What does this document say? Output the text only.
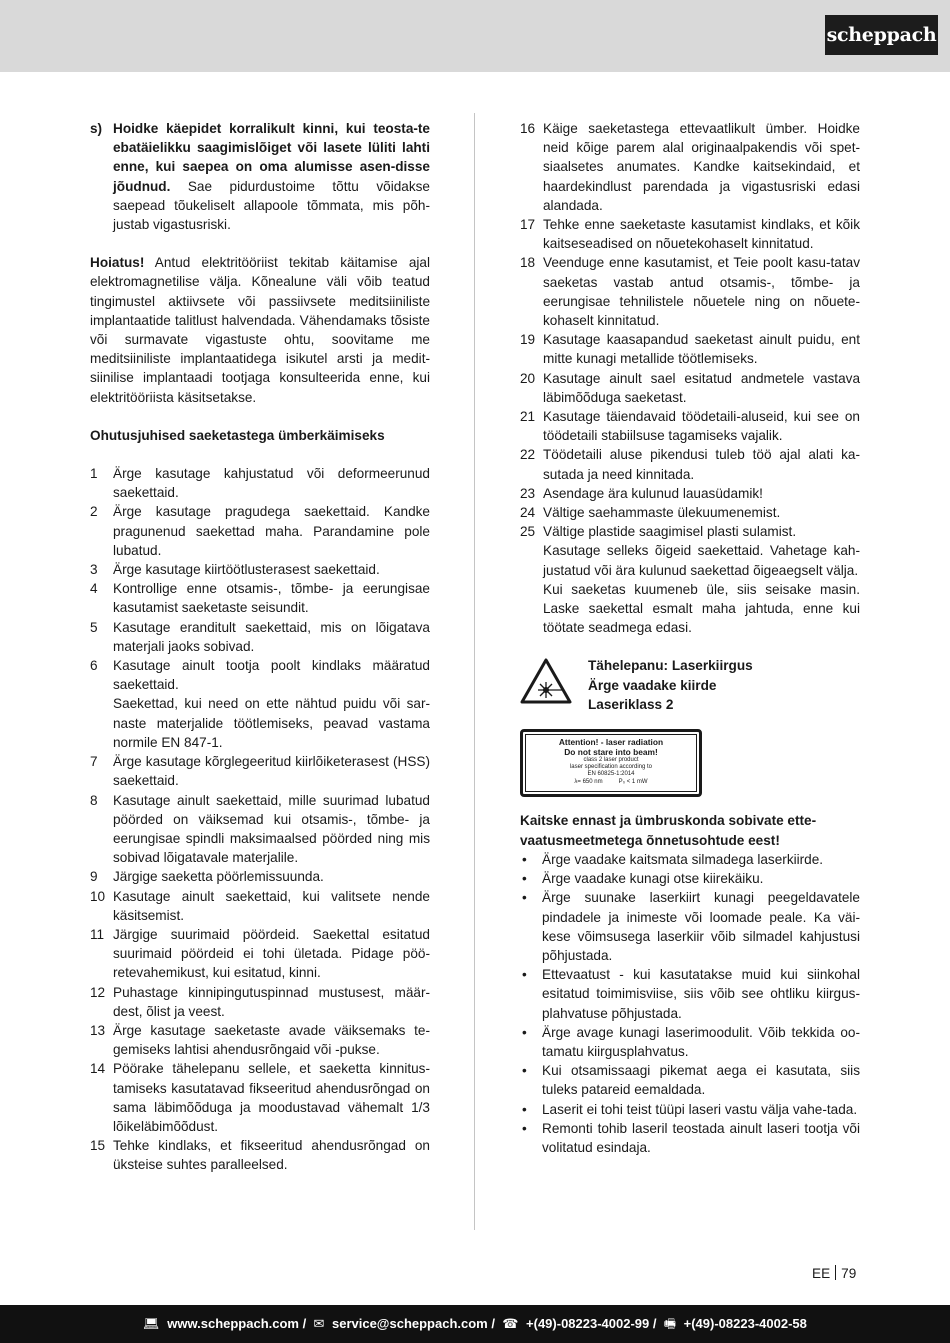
scheppach
s) Hoidke käepidet korralikult kinni, kui teosta-te ebatäielikku saagimislõiget või lasete lüliti lahti enne, kui saepea on oma alumisse asen-disse jõudnud. Sae pidurdustoime tõttu võidakse saepead tõukeliselt allapoole tõmmata, mis põh-justab vigastusriski.

Hoiatus! Antud elektritööriist tekitab käitamise ajal elektromagnetilise välja. Kõnealune väli võib teatud tingimustel aktiivsete või passiivsete meditsiiniliste implantaatide talitlust halvendada. Vähendamaks tõsiste või surmavate vigastuste ohtu, soovitame me meditsiiniliste implantaatidega isikutel arsti ja medit-siinilise implantaadi tootjaga konsulteerida enne, kui elektritööriista käsitsetakse.

Ohutusjuhised saeketastega ümberkäimiseks
1	Ärge kasutage kahjustatud või deformeerunud saekettaid.
2	Ärge kasutage pragudega saekettaid. Kandke pragunenud saekettad maha. Parandamine pole lubatud.
3	Ärge kasutage kiirtöötlusterasest saekettaid.
4	Kontrollige enne otsamis-, tõmbe- ja eerungisae kasutamist saeketaste seisundit.
5	Kasutage eranditult saekettaid, mis on lõigatava materjali jaoks sobivad.
6	Kasutage ainult tootja poolt kindlaks määratud saekettaid.
Saekettad, kui need on ette nähtud puidu või sar-naste materjalide töötlemiseks, peavad vastama normile EN 847-1.
7	Ärge kasutage kõrglegeeritud kiirlõiketerasest (HSS) saekettaid.
8	Kasutage ainult saekettaid, mille suurimad lubatud pöörded on väiksemad kui otsamis-, tõmbe- ja eerungisae spindli maksimaalsed pöörded ning mis sobivad lõigatavale materjalile.
9	Järgige saeketta pöörlemissuunda.
10 Kasutage ainult saekettaid, kui valitsete nende käsitsemist.
11 Järgige suurimaid pöördeid. Saekettal esitatud suurimaid pöördeid ei tohi ületada. Pidage pöö-retevahemikust, kui esitatud, kinni.
12 Puhastage kinnipingutuspinnad mustusest, määr-dest, õlist ja veest.
13 Ärge kasutage saeketaste avade väiksemaks te-gemiseks lahtisi ahendusrõngaid või -pukse.
14 Pöörake tähelepanu sellele, et saeketta kinnitus-tamiseks kasutatavad fikseeritud ahendusrõngad on sama läbimõõduga ja moodustavad vähemalt 1/3 lõikeläbimõõdust.
15 Tehke kindlaks, et fikseeritud ahendusrõngad on üksteise suhtes paralleelsed.
16 Käige saeketastega ettevaatlikult ümber. Hoidke neid kõige parem alal originaalpakendis või spet-siaalsetes anumates. Kandke kaitsekindaid, et haardekindlust parendada ja vigastusriski edasi alandada.
17 Tehke enne saeketaste kasutamist kindlaks, et kõik kaitseseadised on nõuetekohaselt kinnitatud.
18 Veenduge enne kasutamist, et Teie poolt kasu-tatav saeketas vastab antud otsamis-, tõmbe- ja eerungisae tehnilistele nõuetele ning on nõuete-kohaselt kinnitatud.
19 Kasutage kaasapandud saeketast ainult puidu, ent mitte kunagi metallide töötlemiseks.
20 Kasutage ainult sael esitatud andmetele vastava läbimõõduga saeketast.
21 Kasutage täiendavaid töödetaili-aluseid, kui see on töödetaili stabiilsuse tagamiseks vajalik.
22 Töödetaili aluse pikendusi tuleb töö ajal alati ka-sutada ja need kinnitada.
23 Asendage ära kulunud lauasüdamik!
24 Vältige saehammaste ülekuumenemist.
25 Vältige plastide saagimisel plasti sulamist.
Kasutage selleks õigeid saekettaid. Vahetage kah-justatud või ära kulunud saekettad õigeaegselt välja.
Kui saeketas kuumeneb üle, siis seisake masin. Laske saekettal esmalt maha jahtuda, enne kui töötate seadmega edasi.
Tähelepanu: Laserkiirgus
Ärge vaadake kiirde
Laseriklass 2
Attention! - laser radiation
Do not stare into beam!
class 2 laser product
laser specification according to
EN 60825-1:2014
λ= 650 nm	P₀ < 1 mW
Kaitske ennast ja ümbruskonda sobivate ette-vaatusmeetmetega õnnetusohtude eest!
•	Ärge vaadake kaitsmata silmadega laserkiirde.
•	Ärge vaadake kunagi otse kiirekäiku.
•	Ärge suunake laserkiirt kunagi peegeldavatele pindadele ja inimeste või loomade peale. Ka väi-kese võimsusega laserkiir võib silmadel kahjustusi põhjustada.
•	Ettevaatust - kui kasutatakse muid kui siinkohal esitatud toimimisviise, siis võib see ohtliku kiirgus-plahvatuse põhjustada.
•	Ärge avage kunagi laserimoodulit. Võib tekkida oo-tamatu kiirgusplahvatus.
•	Kui otsamissaagi pikemat aega ei kasutata, siis tuleks patareid eemaldada.
•	Laserit ei tohi teist tüüpi laseri vastu välja vahe-tada.
•	Remonti tohib laseril teostada ainult laseri tootja või volitatud esindaja.
EE 79
💻︎ www.scheppach.com / ✉︎ service@scheppach.com / ☎︎ +(49)-08223-4002-99 / 🖷︎ +(49)-08223-4002-58
